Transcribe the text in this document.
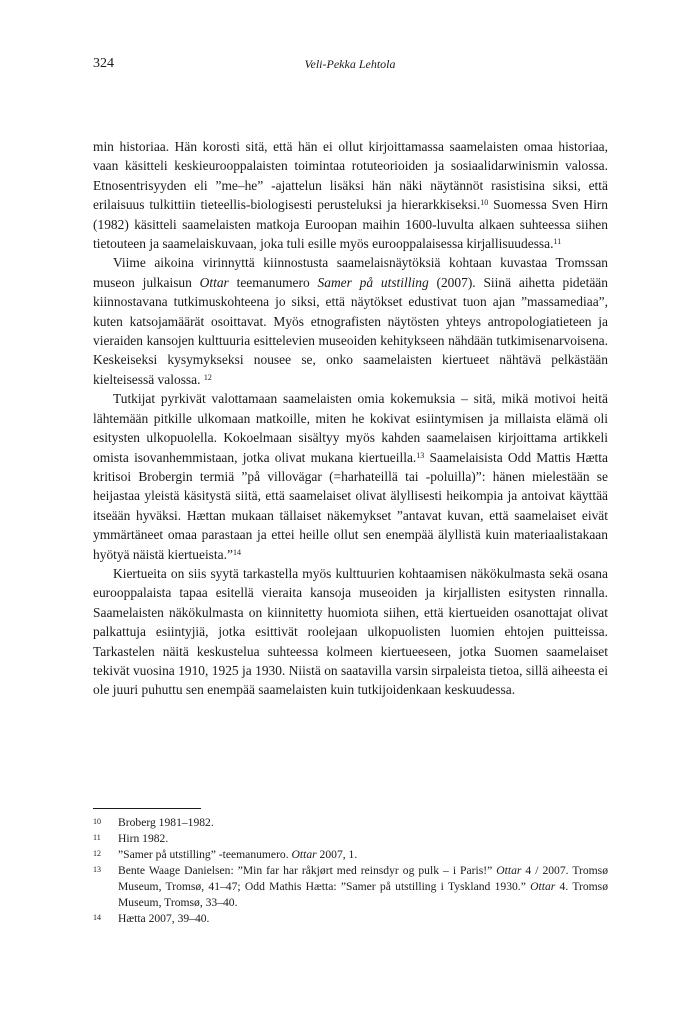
324	Veli-Pekka Lehtola

min historiaa. Hän korosti sitä, että hän ei ollut kirjoittamassa saamelaisten omaa historiaa, vaan käsitteli keskieurooppalaisten toimintaa rotuteorioiden ja sosiaalidarwinismin valossa. Etnosentrisyyden eli ”me–he” -ajattelun lisäksi hän näki näytännöt rasistisina siksi, että erilaisuus tulkittiin tieteellis-biologisesti perusteluksi ja hierarkkiseksi.$^{10}$ Suomessa Sven Hirn (1982) käsitteli saamelaisten matkoja Euroopan maihin 1600-luvulta alkaen suhteessa siihen tietouteen ja saamelaiskuvaan, joka tuli esille myös eurooppalaisessa kirjallisuudessa.$^{11}$

Viime aikoina virinnyttä kiinnostusta saamelaisnäytöksiä kohtaan kuvastaa Tromssan museon julkaisun Ottar teemanumero Samer på utstilling (2007). Siinä aihetta pidetään kiinnostavana tutkimuskohteena jo siksi, että näytökset edustivat tuon ajan ”massamediaa”, kuten katsojamäärät osoittavat. Myös etnografisten näytösten yhteys antropologiatieteen ja vieraiden kansojen kulttuuria esittelevien museoiden kehitykseen nähdään tutkimisenarvoisena. Keskeiseksi kysymykseksi nousee se, onko saamelaisten kiertueet nähtävä pelkästään kielteisessä valossa. $^{12}$

Tutkijat pyrkivät valottamaan saamelaisten omia kokemuksia – sitä, mikä motivoi heitä lähtemään pitkille ulkomaan matkoille, miten he kokivat esiintymisen ja millaista elämä oli esitysten ulkopuolella. Kokoelmaan sisältyy myös kahden saamelaisen kirjoittama artikkeli omista isovanhemmistaan, jotka olivat mukana kiertueilla.$^{13}$ Saamelaisista Odd Mattis Hætta kritisoi Brobergin termiä ”på villovägar (=harhateillä tai -poluilla)”: hänen mielestään se heijastaa yleistä käsitystä siitä, että saamelaiset olivat älyllisesti heikompia ja antoivat käyttää itseään hyväksi. Hættan mukaan tällaiset näkemykset ”antavat kuvan, että saamelaiset eivät ymmärtäneet omaa parastaan ja ettei heille ollut sen enempää älyllistä kuin materiaalistakaan hyötyä näistä kiertueista.”$^{14}$

Kiertueita on siis syytä tarkastella myös kulttuurien kohtaamisen näkökulmasta sekä osana eurooppalaista tapaa esitellä vieraita kansoja museoiden ja kirjallisten esitysten rinnalla. Saamelaisten näkökulmasta on kiinnitetty huomiota siihen, että kiertueiden osanottajat olivat palkattuja esiintyjiä, jotka esittivät roolejaan ulkopuolisten luomien ehtojen puitteissa. Tarkastelen näitä keskustelua suhteessa kolmeen kiertueeseen, jotka Suomen saamelaiset tekivät vuosina 1910, 1925 ja 1930. Niistä on saatavilla varsin sirpaleista tietoa, sillä aiheesta ei ole juuri puhuttu sen enempää saamelaisten kuin tutkijoidenkaan keskuudessa.

10	Broberg 1981–1982.
11	Hirn 1982.
12	”Samer på utstilling” -teemanumero. Ottar 2007, 1.
13	Bente Waage Danielsen: ”Min far har råkjørt med reinsdyr og pulk – i Paris!” Ottar 4 / 2007. Tromsø Museum, Tromsø, 41–47; Odd Mathis Hætta: ”Samer på utstilling i Tyskland 1930.” Ottar 4. Tromsø Museum, Tromsø, 33–40.
14	Hætta 2007, 39–40.
